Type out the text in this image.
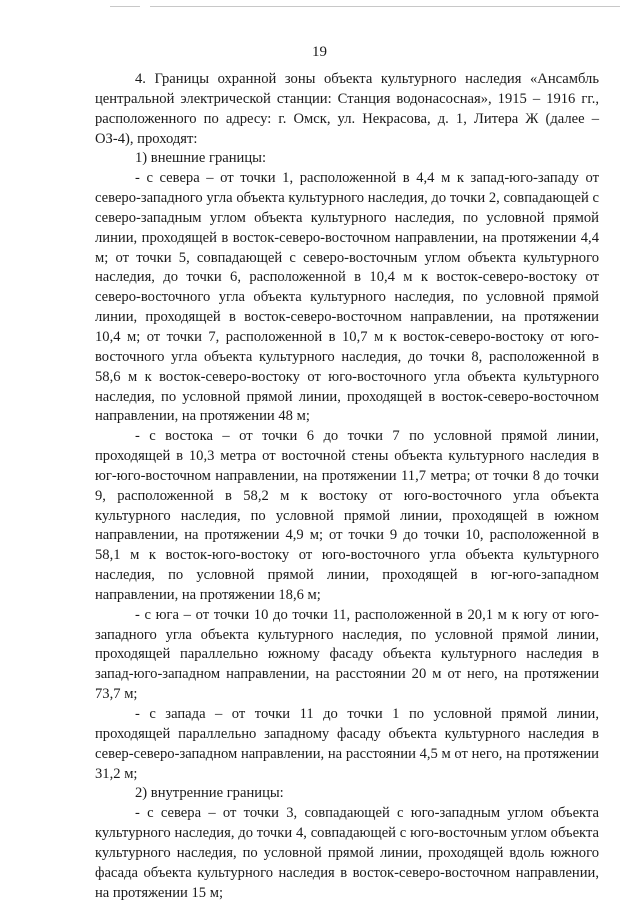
19

4. Границы охранной зоны объекта культурного наследия «Ансамбль центральной электрической станции: Станция водонасосная», 1915 – 1916 гг., расположенного по адресу: г. Омск, ул. Некрасова, д. 1, Литера Ж (далее – ОЗ-4), проходят:

1) внешние границы:

- с севера – от точки 1, расположенной в 4,4 м к запад-юго-западу от северо-западного угла объекта культурного наследия, до точки 2, совпадающей с северо-западным углом объекта культурного наследия, по условной прямой линии, проходящей в восток-северо-восточном направлении, на протяжении 4,4 м; от точки 5, совпадающей с северо-восточным углом объекта культурного наследия, до точки 6, расположенной в 10,4 м к восток-северо-востоку от северо-восточного угла объекта культурного наследия, по условной прямой линии, проходящей в восток-северо-восточном направлении, на протяжении 10,4 м; от точки 7, расположенной в 10,7 м к восток-северо-востоку от юго-восточного угла объекта культурного наследия, до точки 8, расположенной в 58,6 м к восток-северо-востоку от юго-восточного угла объекта культурного наследия, по условной прямой линии, проходящей в восток-северо-восточном направлении, на протяжении 48 м;

- с востока – от точки 6 до точки 7 по условной прямой линии, проходящей в 10,3 метра от восточной стены объекта культурного наследия в юг-юго-восточном направлении, на протяжении 11,7 метра; от точки 8 до точки 9, расположенной в 58,2 м к востоку от юго-восточного угла объекта культурного наследия, по условной прямой линии, проходящей в южном направлении, на протяжении 4,9 м; от точки 9 до точки 10, расположенной в 58,1 м к восток-юго-востоку от юго-восточного угла объекта культурного наследия, по условной прямой линии, проходящей в юг-юго-западном направлении, на протяжении 18,6 м;

- с юга – от точки 10 до точки 11, расположенной в 20,1 м к югу от юго-западного угла объекта культурного наследия, по условной прямой линии, проходящей параллельно южному фасаду объекта культурного наследия в запад-юго-западном направлении, на расстоянии 20 м от него, на протяжении 73,7 м;

- с запада – от точки 11 до точки 1 по условной прямой линии, проходящей параллельно западному фасаду объекта культурного наследия в север-северо-западном направлении, на расстоянии 4,5 м от него, на протяжении 31,2 м;

2) внутренние границы:

- с севера – от точки 3, совпадающей с юго-западным углом объекта культурного наследия, до точки 4, совпадающей с юго-восточным углом объекта культурного наследия, по условной прямой линии, проходящей вдоль южного фасада объекта культурного наследия в восток-северо-восточном направлении, на протяжении 15 м;
